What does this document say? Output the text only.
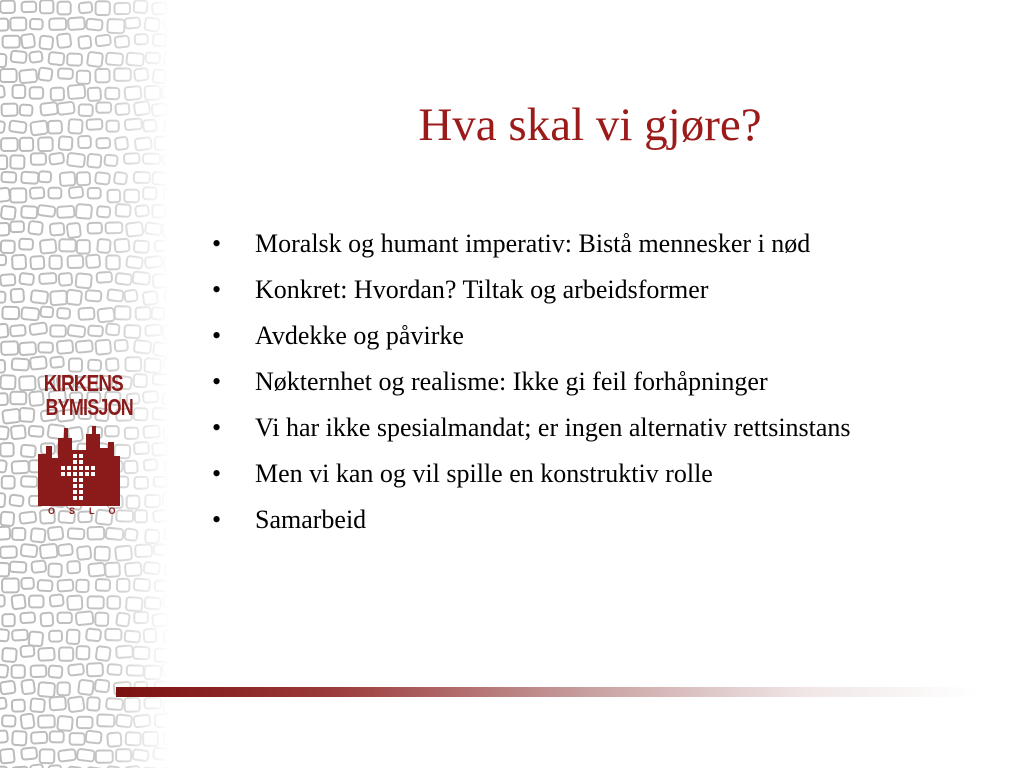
KIRKENS
BYMISJON
OSLO
Hva skal vi gjøre?
• Moralsk og humant imperativ: Bistå mennesker i nød
• Konkret: Hvordan? Tiltak og arbeidsformer
• Avdekke og påvirke
• Nøkternhet og realisme: Ikke gi feil forhåpninger
• Vi har ikke spesialmandat; er ingen alternativ rettsinstans
• Men vi kan og vil spille en konstruktiv rolle
• Samarbeid
